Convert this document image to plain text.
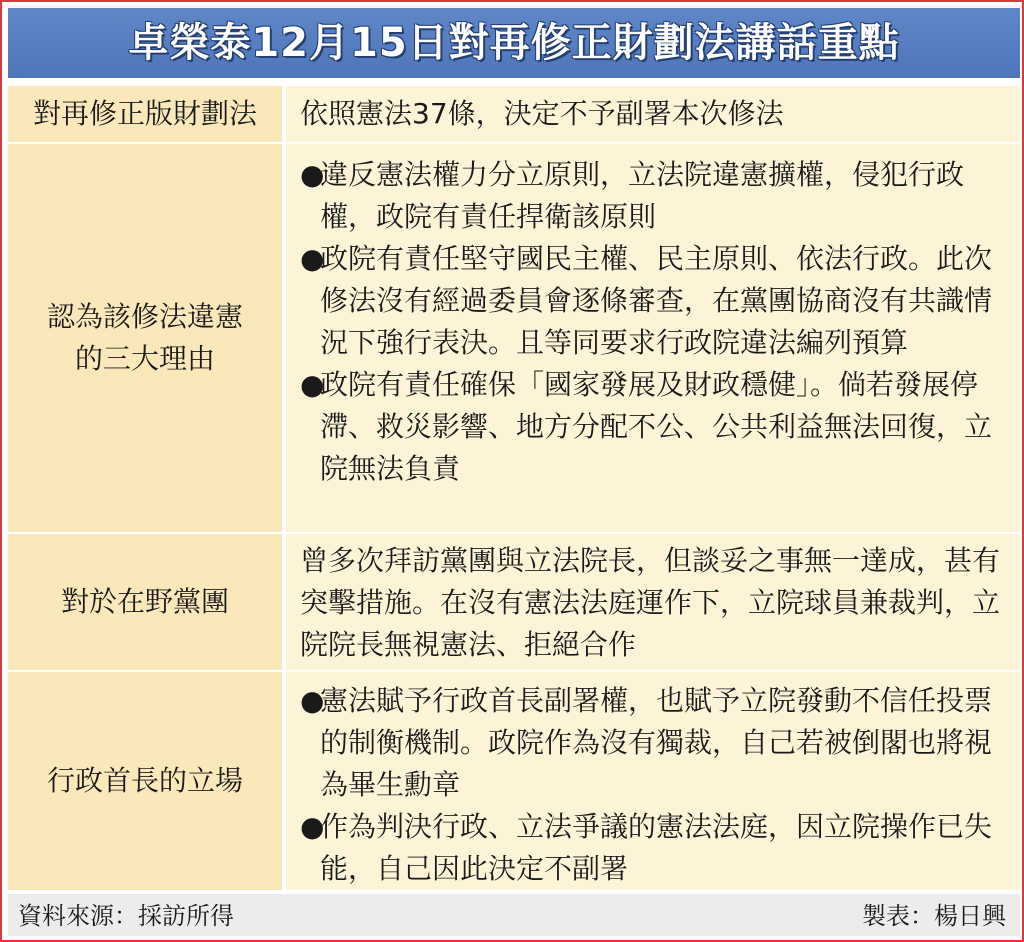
卓榮泰12月15日對再修正財劃法講話重點
對再修正版財劃法	依照憲法37條，決定不予副署本次修法
認為該修法違憲
的三大理由
●
違反憲法權力分立原則，立法院違憲擴權，侵犯行政權，政院有責任捍衛該原則
●
政院有責任堅守國民主權、民主原則、依法行政。此次修法沒有經過委員會逐條審查，在黨團協商沒有共識情況下強行表決。且等同要求行政院違法編列預算
●
政院有責任確保「國家發展及財政穩健」。倘若發展停滯、救災影響、地方分配不公、公共利益無法回復，立院無法負責
對於在野黨團
曾多次拜訪黨團與立法院長，但談妥之事無一達成，甚有突擊措施。在沒有憲法法庭運作下，立院球員兼裁判，立院院長無視憲法、拒絕合作
行政首長的立場
●
憲法賦予行政首長副署權，也賦予立院發動不信任投票的制衡機制。政院作為沒有獨裁，自己若被倒閣也將視為畢生勳章
●
作為判決行政、立法爭議的憲法法庭，因立院操作已失能，自己因此決定不副署
資料來源：採訪所得	製表：楊日興
